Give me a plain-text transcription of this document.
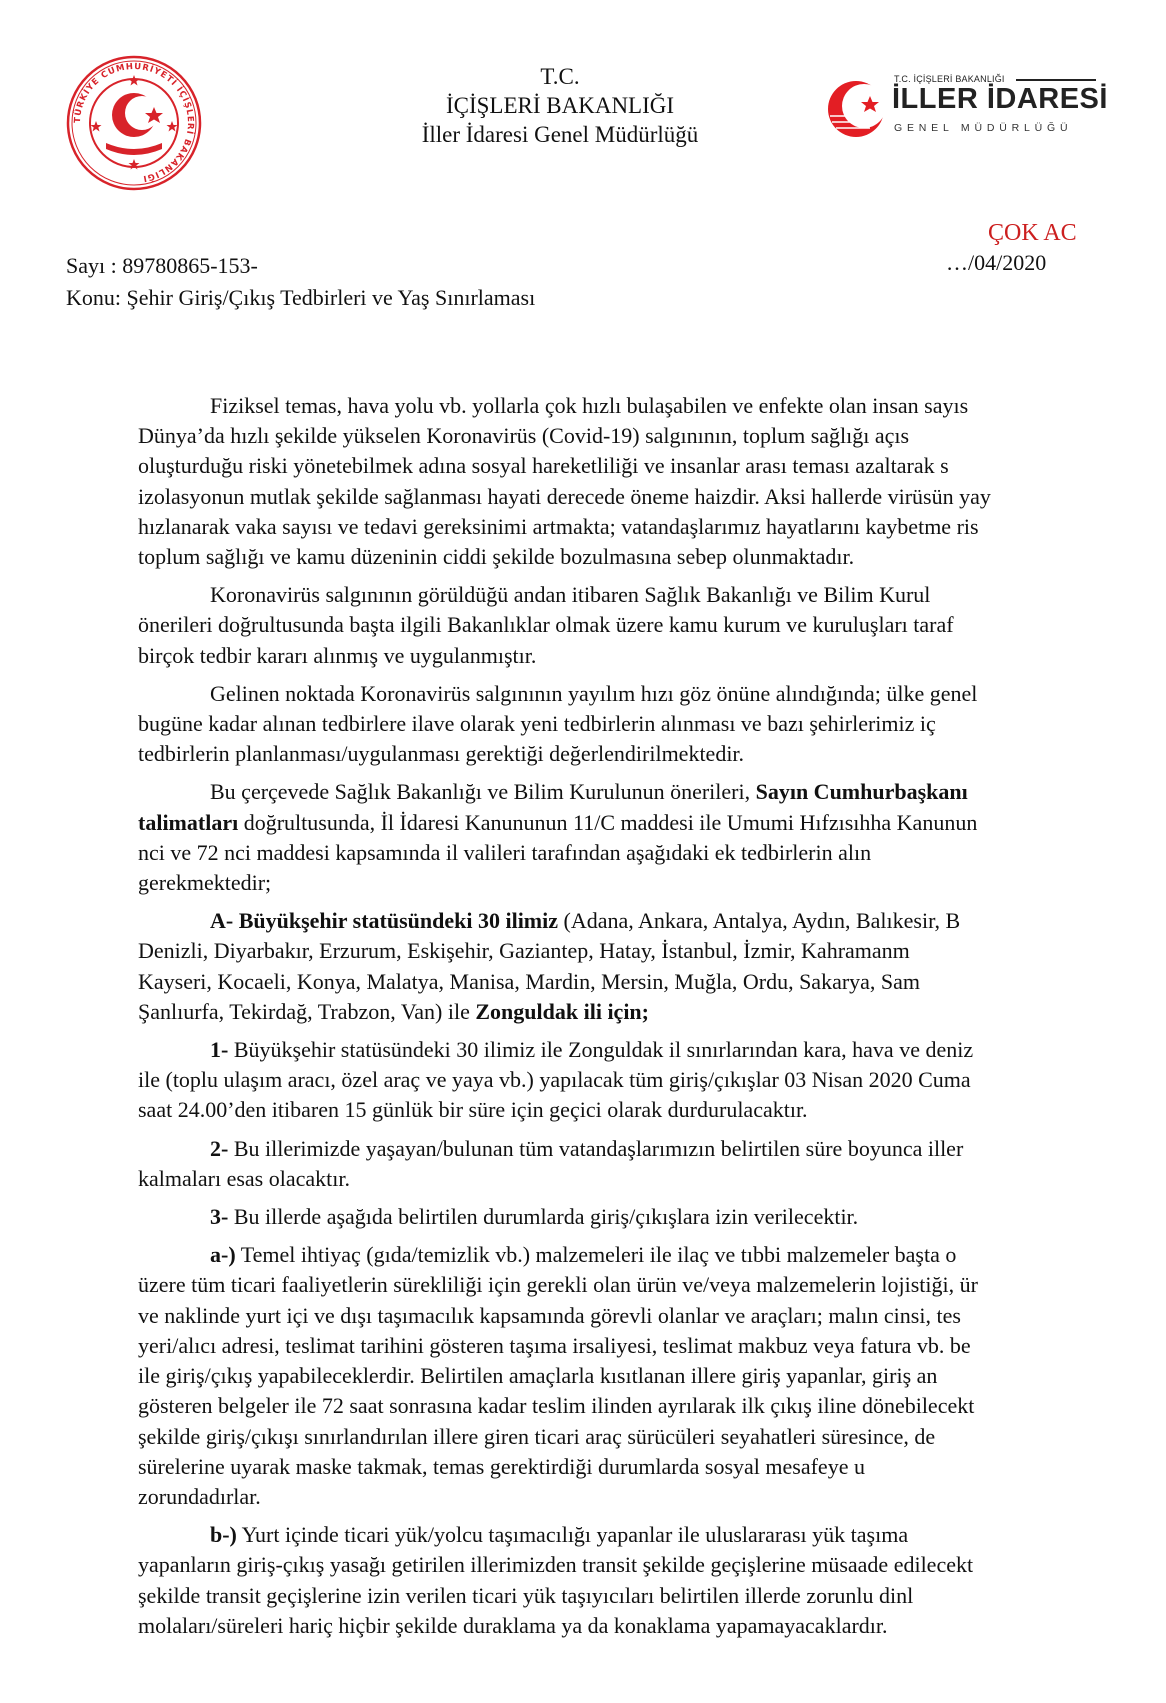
TÜRKİYE CUMHURİYETİ İÇİŞLERİ BAKANLIĞI
T.C.
İÇİŞLERİ BAKANLIĞI
İller İdaresi Genel Müdürlüğü
T.C. İÇİŞLERİ BAKANLIĞI
İLLER İDARESİ
GENEL MÜDÜRLÜĞÜ
ÇOK AC
Sayı : 89780865-153-
Konu: Şehir Giriş/Çıkış Tedbirleri ve Yaş Sınırlaması
…/04/2020
Fiziksel temas, hava yolu vb. yollarla çok hızlı bulaşabilen ve enfekte olan insan sayıs
Dünya’da hızlı şekilde yükselen Koronavirüs (Covid-19) salgınının, toplum sağlığı açıs
oluşturduğu riski yönetebilmek adına sosyal hareketliliği ve insanlar arası teması azaltarak s
izolasyonun mutlak şekilde sağlanması hayati derecede öneme haizdir. Aksi hallerde virüsün yay
hızlanarak vaka sayısı ve tedavi gereksinimi artmakta; vatandaşlarımız hayatlarını kaybetme ris
toplum sağlığı ve kamu düzeninin ciddi şekilde bozulmasına sebep olunmaktadır.
Koronavirüs salgınının görüldüğü andan itibaren Sağlık Bakanlığı ve Bilim Kurul
önerileri doğrultusunda başta ilgili Bakanlıklar olmak üzere kamu kurum ve kuruluşları taraf
birçok tedbir kararı alınmış ve uygulanmıştır.
Gelinen noktada Koronavirüs salgınının yayılım hızı göz önüne alındığında; ülke genel
bugüne kadar alınan tedbirlere ilave olarak yeni tedbirlerin alınması ve bazı şehirlerimiz iç
tedbirlerin planlanması/uygulanması gerektiği değerlendirilmektedir.
Bu çerçevede Sağlık Bakanlığı ve Bilim Kurulunun önerileri, Sayın Cumhurbaşkanı
talimatları doğrultusunda, İl İdaresi Kanununun 11/C maddesi ile Umumi Hıfzısıhha Kanunun
nci ve 72 nci maddesi kapsamında il valileri tarafından aşağıdaki ek tedbirlerin alın
gerekmektedir;
A- Büyükşehir statüsündeki 30 ilimiz (Adana, Ankara, Antalya, Aydın, Balıkesir, B
Denizli, Diyarbakır, Erzurum, Eskişehir, Gaziantep, Hatay, İstanbul, İzmir, Kahramanm
Kayseri, Kocaeli, Konya, Malatya, Manisa, Mardin, Mersin, Muğla, Ordu, Sakarya, Sam
Şanlıurfa, Tekirdağ, Trabzon, Van) ile Zonguldak ili için;
1- Büyükşehir statüsündeki 30 ilimiz ile Zonguldak il sınırlarından kara, hava ve deniz
ile (toplu ulaşım aracı, özel araç ve yaya vb.) yapılacak tüm giriş/çıkışlar 03 Nisan 2020 Cuma
saat 24.00’den itibaren 15 günlük bir süre için geçici olarak durdurulacaktır.
2- Bu illerimizde yaşayan/bulunan tüm vatandaşlarımızın belirtilen süre boyunca iller
kalmaları esas olacaktır.
3- Bu illerde aşağıda belirtilen durumlarda giriş/çıkışlara izin verilecektir.
a-) Temel ihtiyaç (gıda/temizlik vb.) malzemeleri ile ilaç ve tıbbi malzemeler başta o
üzere tüm ticari faaliyetlerin sürekliliği için gerekli olan ürün ve/veya malzemelerin lojistiği, ür
ve naklinde yurt içi ve dışı taşımacılık kapsamında görevli olanlar ve araçları; malın cinsi, tes
yeri/alıcı adresi, teslimat tarihini gösteren taşıma irsaliyesi, teslimat makbuz veya fatura vb. be
ile giriş/çıkış yapabileceklerdir. Belirtilen amaçlarla kısıtlanan illere giriş yapanlar, giriş an
gösteren belgeler ile 72 saat sonrasına kadar teslim ilinden ayrılarak ilk çıkış iline dönebilecekt
şekilde giriş/çıkışı sınırlandırılan illere giren ticari araç sürücüleri seyahatleri süresince, de
sürelerine uyarak maske takmak, temas gerektirdiği durumlarda sosyal mesafeye u
zorundadırlar.
b-) Yurt içinde ticari yük/yolcu taşımacılığı yapanlar ile uluslararası yük taşıma
yapanların giriş-çıkış yasağı getirilen illerimizden transit şekilde geçişlerine müsaade edilecekt
şekilde transit geçişlerine izin verilen ticari yük taşıyıcıları belirtilen illerde zorunlu dinl
molaları/süreleri hariç hiçbir şekilde duraklama ya da konaklama yapamayacaklardır.
